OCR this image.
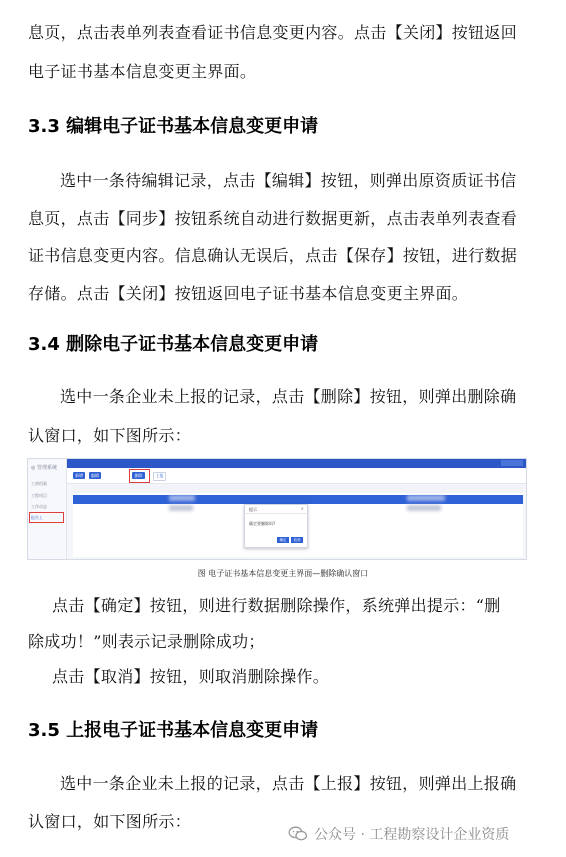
息页，点击表单列表查看证书信息变更内容。点击【关闭】按钮返回
电子证书基本信息变更主界面。
3.3 编辑电子证书基本信息变更申请
选中一条待编辑记录，点击【编辑】按钮，则弹出原资质证书信
息页，点击【同步】按钮系统自动进行数据更新，点击表单列表查看
证书信息变更内容。信息确认无误后，点击【保存】按钮，进行数据
存储。点击【关闭】按钮返回电子证书基本信息变更主界面。
3.4 删除电子证书基本信息变更申请
选中一条企业未上报的记录，点击【删除】按钮，则弹出删除确
认窗口，如下图所示：
◎ 管理系统
工商档案
工程项目
工作动态
报告上
新增	编辑	删除	上报
提示	×
确定要删除吗?
确定	取消
图 电子证书基本信息变更主界面—删除确认窗口
点击【确定】按钮，则进行数据删除操作，系统弹出提示：“删
除成功！”则表示记录删除成功；
点击【取消】按钮，则取消删除操作。
3.5 上报电子证书基本信息变更申请
选中一条企业未上报的记录，点击【上报】按钮，则弹出上报确
认窗口，如下图所示：
公众号 · 工程勘察设计企业资质
